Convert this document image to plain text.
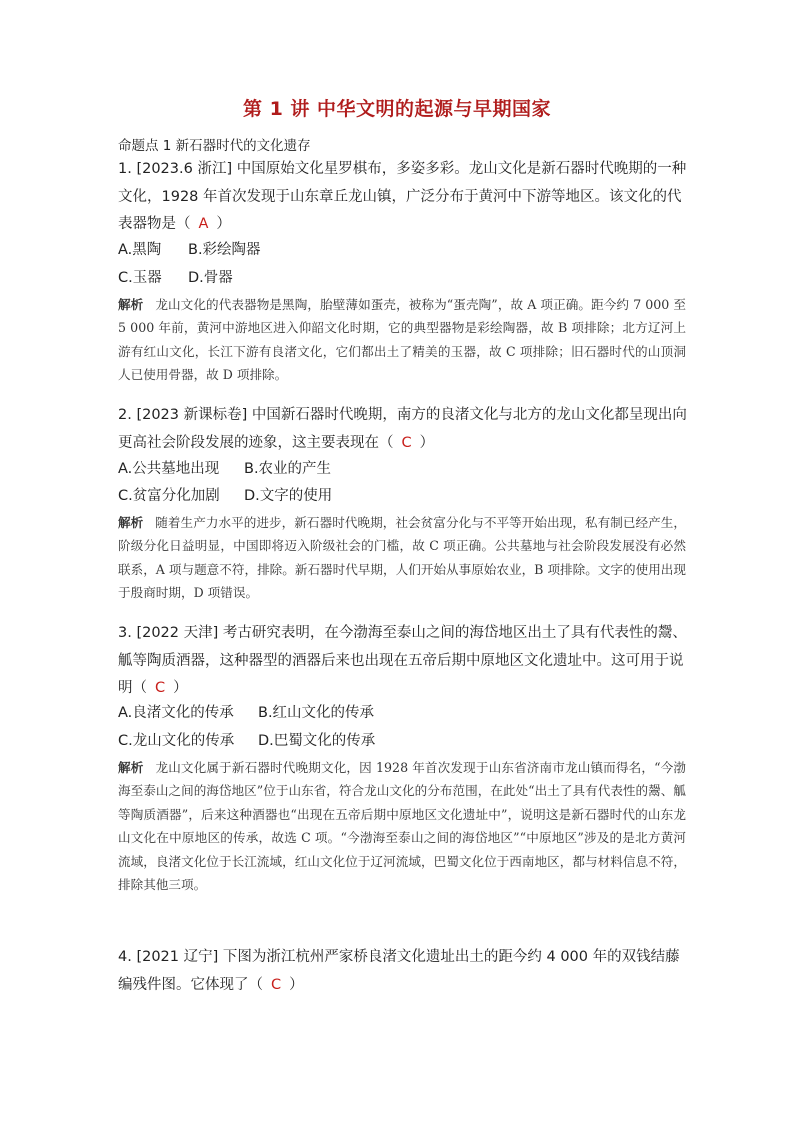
第 1 讲 中华文明的起源与早期国家
命题点 1 新石器时代的文化遗存
1. [2023.6 浙江] 中国原始文化星罗棋布，多姿多彩。龙山文化是新石器时代晚期的一种文化，1928 年首次发现于山东章丘龙山镇，广泛分布于黄河中下游等地区。该文化的代表器物是（ A ）
A.黑陶 B.彩绘陶器
C.玉器 D.骨器
解析 龙山文化的代表器物是黑陶，胎壁薄如蛋壳，被称为“蛋壳陶”，故 A 项正确。距今约 7 000 至 5 000 年前，黄河中游地区进入仰韶文化时期，它的典型器物是彩绘陶器，故 B 项排除；北方辽河上游有红山文化，长江下游有良渚文化，它们都出土了精美的玉器，故 C 项排除；旧石器时代的山顶洞人已使用骨器，故 D 项排除。
2. [2023 新课标卷] 中国新石器时代晚期，南方的良渚文化与北方的龙山文化都呈现出向更高社会阶段发展的迹象，这主要表现在（ C ）
A.公共墓地出现 B.农业的产生
C.贫富分化加剧 D.文字的使用
解析 随着生产力水平的进步，新石器时代晚期，社会贫富分化与不平等开始出现，私有制已经产生，阶级分化日益明显，中国即将迈入阶级社会的门槛，故 C 项正确。公共墓地与社会阶段发展没有必然联系，A 项与题意不符，排除。新石器时代早期，人们开始从事原始农业，B 项排除。文字的使用出现于殷商时期，D 项错误。
3. [2022 天津] 考古研究表明，在今渤海至泰山之间的海岱地区出土了具有代表性的鬶、觚等陶质酒器，这种器型的酒器后来也出现在五帝后期中原地区文化遗址中。这可用于说明（ C ）
A.良渚文化的传承 B.红山文化的传承
C.龙山文化的传承 D.巴蜀文化的传承
解析 龙山文化属于新石器时代晚期文化，因 1928 年首次发现于山东省济南市龙山镇而得名，“今渤海至泰山之间的海岱地区”位于山东省，符合龙山文化的分布范围，在此处“出土了具有代表性的鬶、觚等陶质酒器”，后来这种酒器也“出现在五帝后期中原地区文化遗址中”，说明这是新石器时代的山东龙山文化在中原地区的传承，故选 C 项。“今渤海至泰山之间的海岱地区”“中原地区”涉及的是北方黄河流域，良渚文化位于长江流域，红山文化位于辽河流域，巴蜀文化位于西南地区，都与材料信息不符，排除其他三项。
4. [2021 辽宁] 下图为浙江杭州严家桥良渚文化遗址出土的距今约 4 000 年的双钱结藤编残件图。它体现了（ C ）
